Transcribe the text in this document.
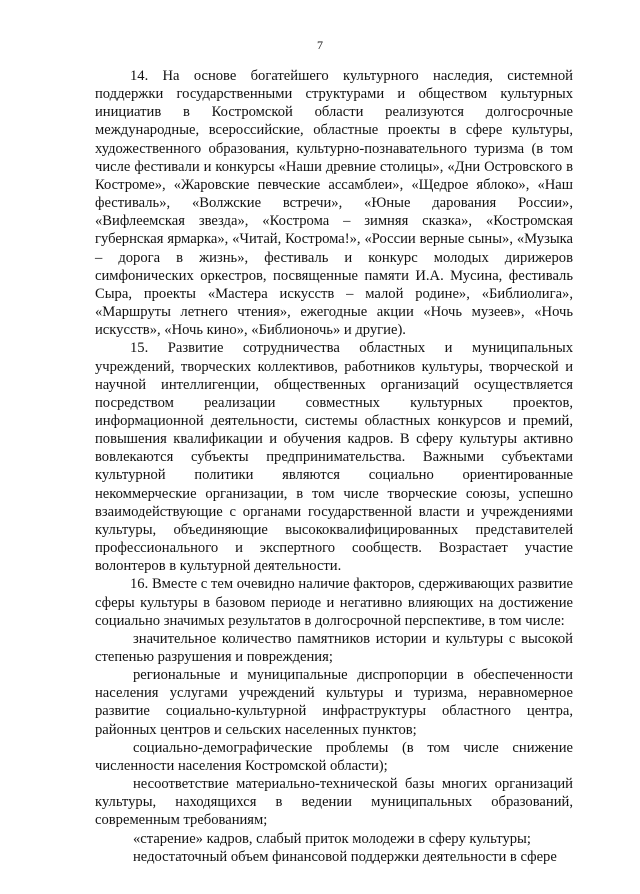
7

14. На основе богатейшего культурного наследия, системной поддержки государственными структурами и обществом культурных инициатив в Костромской области реализуются долгосрочные международные, всероссийские, областные проекты в сфере культуры, художественного образования, культурно-познавательного туризма (в том числе фестивали и конкурсы «Наши древние столицы», «Дни Островского в Костроме», «Жаровские певческие ассамблеи», «Щедрое яблоко», «Наш фестиваль», «Волжские встречи», «Юные дарования России», «Вифлеемская звезда», «Кострома – зимняя сказка», «Костромская губернская ярмарка», «Читай, Кострома!», «России верные сыны», «Музыка – дорога в жизнь», фестиваль и конкурс молодых дирижеров симфонических оркестров, посвященные памяти И.А. Мусина, фестиваль Сыра, проекты «Мастера искусств – малой родине», «Библиолига», «Маршруты летнего чтения», ежегодные акции «Ночь музеев», «Ночь искусств», «Ночь кино», «Библионочь» и другие).

15. Развитие сотрудничества областных и муниципальных учреждений, творческих коллективов, работников культуры, творческой и научной интеллигенции, общественных организаций осуществляется посредством реализации совместных культурных проектов, информационной деятельности, системы областных конкурсов и премий, повышения квалификации и обучения кадров. В сферу культуры активно вовлекаются субъекты предпринимательства. Важными субъектами культурной политики являются социально ориентированные некоммерческие организации, в том числе творческие союзы, успешно взаимодействующие с органами государственной власти и учреждениями культуры, объединяющие высококвалифицированных представителей профессионального и экспертного сообществ. Возрастает участие волонтеров в культурной деятельности.

16. Вместе с тем очевидно наличие факторов, сдерживающих развитие сферы культуры в базовом периоде и негативно влияющих на достижение социально значимых результатов в долгосрочной перспективе, в том числе:

значительное количество памятников истории и культуры с высокой степенью разрушения и повреждения;

региональные и муниципальные диспропорции в обеспеченности населения услугами учреждений культуры и туризма, неравномерное развитие социально-культурной инфраструктуры областного центра, районных центров и сельских населенных пунктов;

социально-демографические проблемы (в том числе снижение численности населения Костромской области);

несоответствие материально-технической базы многих организаций культуры, находящихся в ведении муниципальных образований, современным требованиям;

«старение» кадров, слабый приток молодежи в сферу культуры;

недостаточный объем финансовой поддержки деятельности в сфере
